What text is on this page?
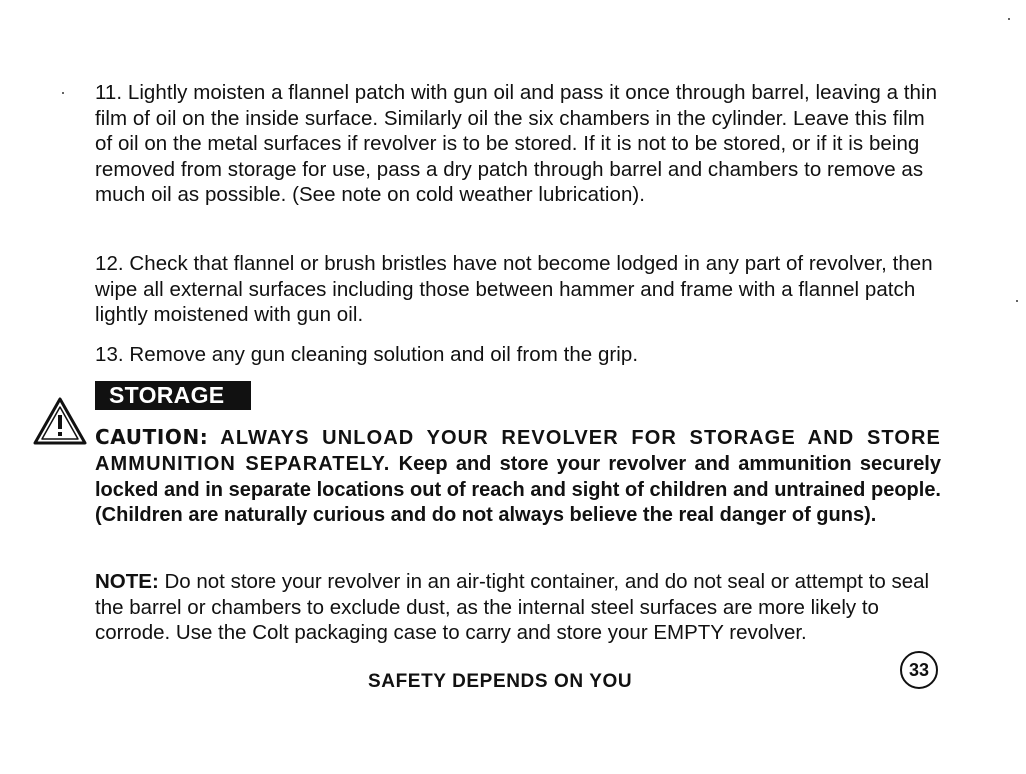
11. Lightly moisten a flannel patch with gun oil and pass it once through barrel, leaving a thin film of oil on the inside surface. Similarly oil the six chambers in the cylinder. Leave this film of oil on the metal surfaces if revolver is to be stored. If it is not to be stored, or if it is being removed from storage for use, pass a dry patch through barrel and chambers to remove as much oil as possible. (See note on cold weather lubrication).

12. Check that flannel or brush bristles have not become lodged in any part of revolver, then wipe all external surfaces including those between hammer and frame with a flannel patch lightly moistened with gun oil.

13. Remove any gun cleaning solution and oil from the grip.

STORAGE

CAUTION: ALWAYS UNLOAD YOUR REVOLVER FOR STORAGE AND STORE AMMUNITION SEPARATELY. Keep and store your revolver and ammunition securely locked and in separate locations out of reach and sight of children and untrained people. (Children are naturally curious and do not always believe the real danger of guns).

NOTE: Do not store your revolver in an air-tight container, and do not seal or attempt to seal the barrel or chambers to exclude dust, as the internal steel surfaces are more likely to corrode. Use the Colt packaging case to carry and store your EMPTY revolver.

SAFETY DEPENDS ON YOU
33
